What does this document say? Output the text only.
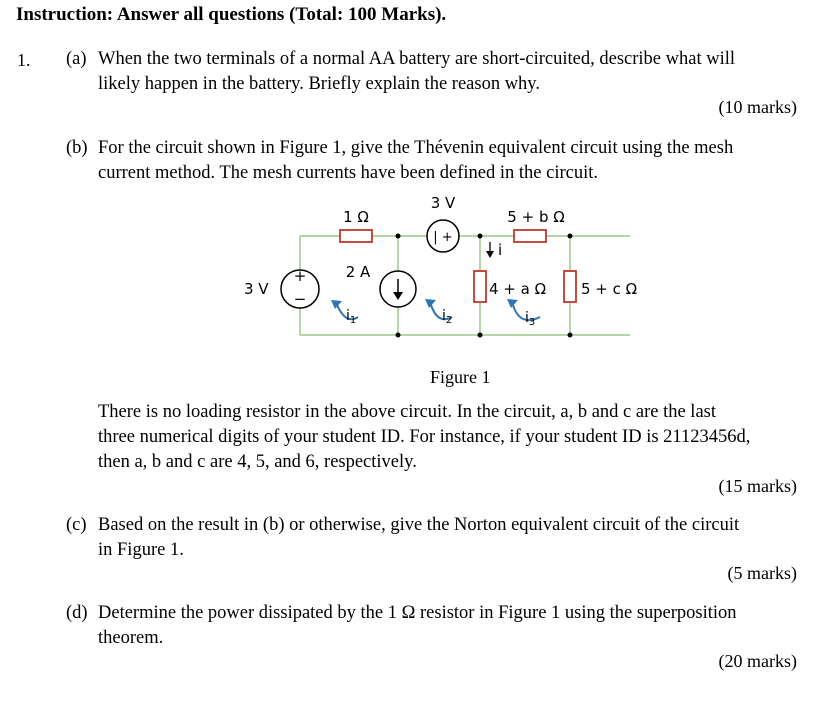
Instruction: Answer all questions (Total: 100 Marks).
1. (a) When the two terminals of a normal AA battery are short-circuited, describe what will
likely happen in the battery. Briefly explain the reason why.
(10 marks)
(b) For the circuit shown in Figure 1, give the Thévenin equivalent circuit using the mesh
current method. The mesh currents have been defined in the circuit.
+
−
3 V
1 Ω
| +
3 V
5 + b Ω
2 A
4 + a Ω
i
5 + c Ω
$i_1$	$i_2$	$i_3$
Figure 1
There is no loading resistor in the above circuit. In the circuit, a, b and c are the last
three numerical digits of your student ID. For instance, if your student ID is 21123456d,
then a, b and c are 4, 5, and 6, respectively.
(15 marks)
(c) Based on the result in (b) or otherwise, give the Norton equivalent circuit of the circuit
in Figure 1.
(5 marks)
(d) Determine the power dissipated by the 1 Ω resistor in Figure 1 using the superposition
theorem.
(20 marks)
